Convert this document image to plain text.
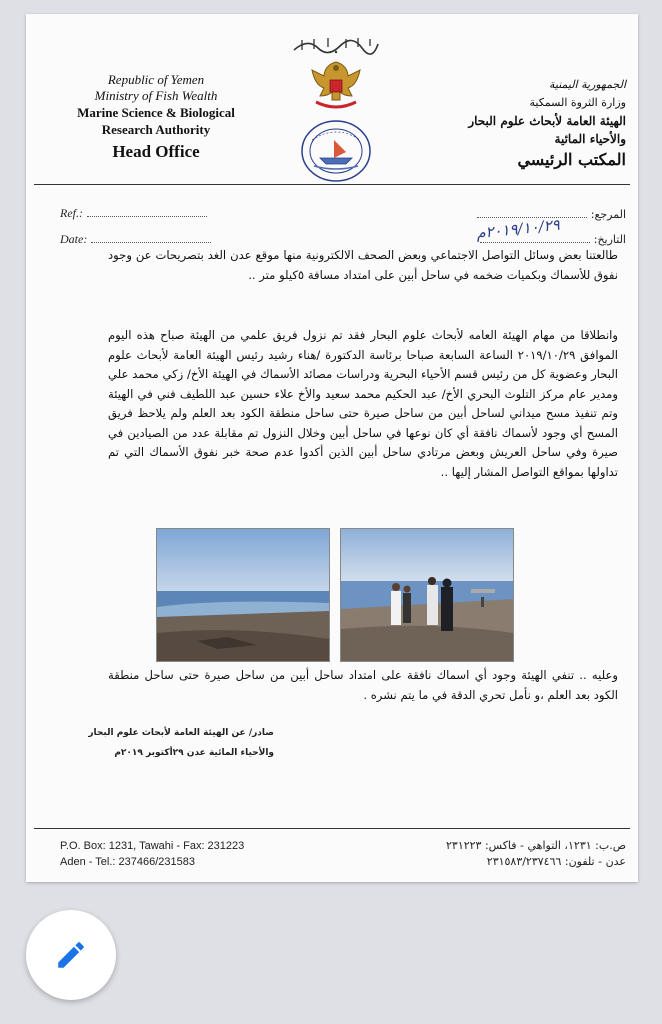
Republic of Yemen
Ministry of Fish Wealth
Marine Science & Biological
Research Authority
Head Office
الجمهورية اليمنية
وزارة الثروة السمكية
الهيئة العامة لأبحاث علوم البحار
والأحياء المائية
المكتب الرئيسي
Ref.:
Date:
المرجع:
التاريخ:
٢٠١٩/١٠/٢٩م
طالعتنا بعض وسائل التواصل الاجتماعي وبعض الصحف الالكترونية منها موقع عدن الغد بتصريحات عن وجود نفوق للأسماك وبكميات ضخمه في ساحل أبين على امتداد مسافة ٥كيلو متر ..
وانطلاقا من مهام الهيئة العامه لأبحاث علوم البحار فقد تم نزول فريق علمي من الهيئة صباح هذه اليوم الموافق ٢٠١٩/١٠/٢٩ الساعة السابعة صباحا برئاسة الدكتورة /هناء رشيد رئيس الهيئة العامة لأبحاث علوم البحار وعضوية كل من رئيس قسم الأحياء البحرية ودراسات مصائد الأسماك في الهيئة الأخ/ زكي محمد علي ومدير عام مركز التلوث البحري الأخ/ عبد الحكيم محمد سعيد والأخ علاء حسين عبد اللطيف فني في الهيئة وتم تنفيذ مسح ميداني لساحل أبين من ساحل صيرة حتى ساحل منطقة الكود بعد العلم ولم يلاحظ فريق المسح أي وجود لأسماك نافقة أي كان نوعها في ساحل أبين وخلال النزول تم مقابلة عدد من الصيادين في صيرة وفي ساحل العريش وبعض مرتادي ساحل أبين الذين أكدوا عدم صحة خبر نفوق الأسماك التي تم تداولها بمواقع التواصل المشار إليها ..
وعليه .. تنفي الهيئة وجود أي اسماك نافقة على امتداد ساحل أبين من ساحل صيرة حتى ساحل منطقة الكود بعد العلم ،و نأمل تحري الدقة في ما يتم نشره .
صادر/ عن الهيئة العامة لأبحاث علوم البحار
والأحياء المائية عدن ٢٩أكتوبر ٢٠١٩م
P.O. Box: 1231, Tawahi - Fax: 231223
Aden - Tel.: 237466/231583
ص.ب: ١٢٣١، التواهي - فاكس: ٢٣١٢٢٣
عدن - تلفون: ٢٣١٥٨٣/٢٣٧٤٦٦
